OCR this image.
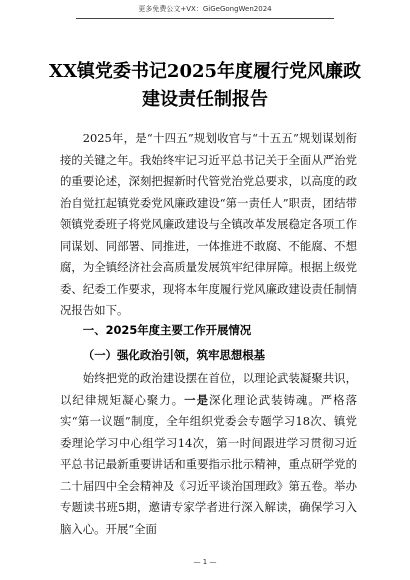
更多免费公文+VX：GiGeGongWen2024
XX镇党委书记2025年度履行党风廉政建设责任制报告

2025年，是“十四五”规划收官与“十五五”规划谋划衔接的关键之年。我始终牢记习近平总书记关于全面从严治党的重要论述，深刻把握新时代管党治党总要求，以高度的政治自觉扛起镇党委党风廉政建设“第一责任人”职责，团结带领镇党委班子将党风廉政建设与全镇改革发展稳定各项工作同谋划、同部署、同推进，一体推进不敢腐、不能腐、不想腐，为全镇经济社会高质量发展筑牢纪律屏障。根据上级党委、纪委工作要求，现将本年度履行党风廉政建设责任制情况报告如下。

一、2025年度主要工作开展情况
（一）强化政治引领，筑牢思想根基

始终把党的政治建设摆在首位，以理论武装凝聚共识，以纪律规矩凝心聚力。一是深化理论武装铸魂。严格落实“第一议题”制度，全年组织党委会专题学习18次、镇党委理论学习中心组学习14次，第一时间跟进学习贯彻习近平总书记最新重要讲话和重要指示批示精神，重点研学党的二十届四中全会精神及《习近平谈治国理政》第五卷。举办专题读书班5期，邀请专家学者进行深入解读，确保学习入脑入心。开展“全面

— 1 —
